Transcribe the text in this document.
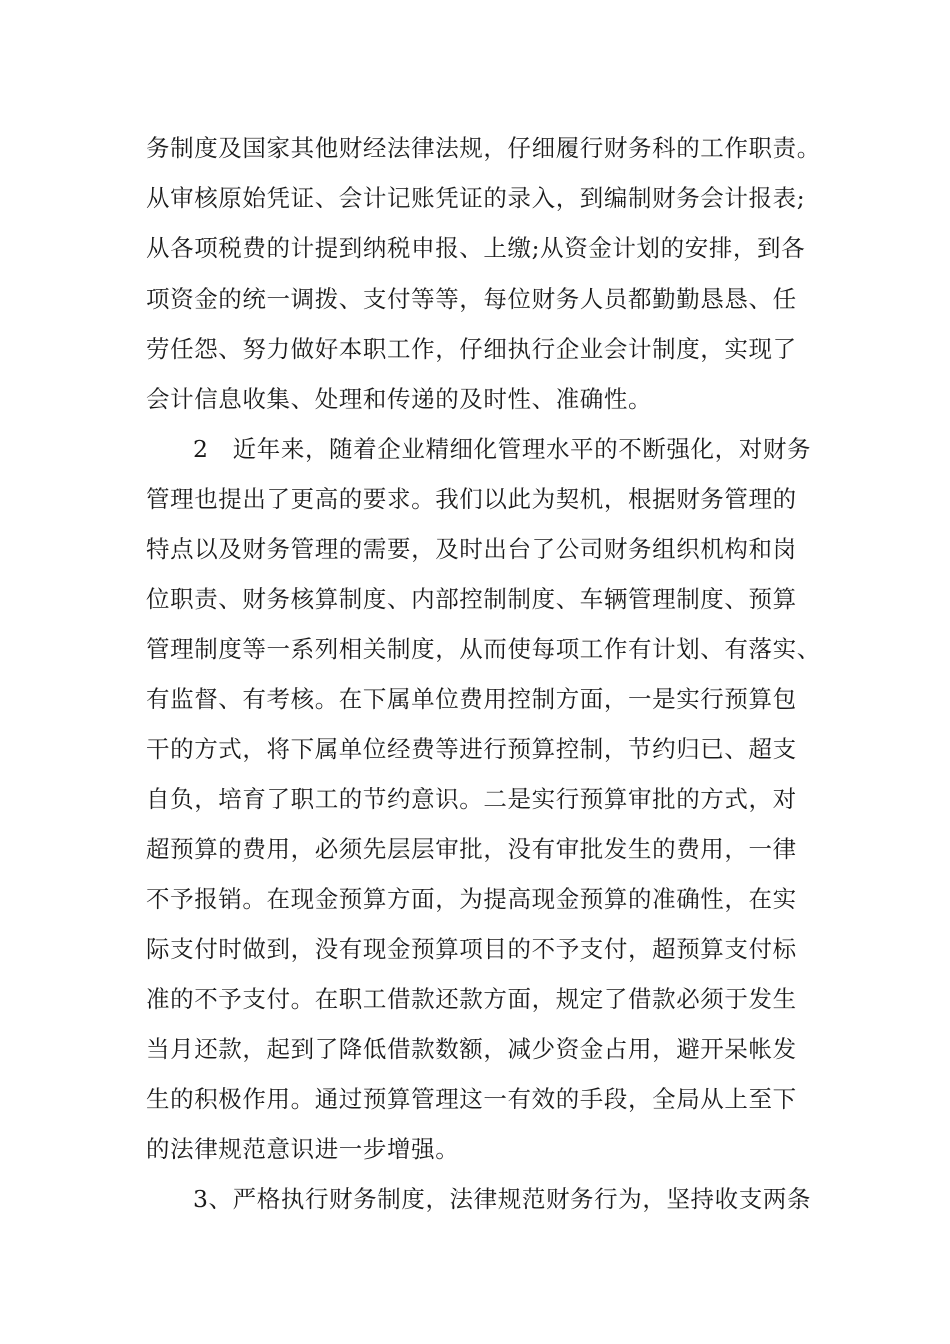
务制度及国家其他财经法律法规，仔细履行财务科的工作职责。
从审核原始凭证、会计记账凭证的录入，到编制财务会计报表;
从各项税费的计提到纳税申报、上缴;从资金计划的安排，到各
项资金的统一调拨、支付等等，每位财务人员都勤勤恳恳、任
劳任怨、努力做好本职工作，仔细执行企业会计制度，实现了
会计信息收集、处理和传递的及时性、准确性。
2　近年来，随着企业精细化管理水平的不断强化，对财务
管理也提出了更高的要求。我们以此为契机，根据财务管理的
特点以及财务管理的需要，及时出台了公司财务组织机构和岗
位职责、财务核算制度、内部控制制度、车辆管理制度、预算
管理制度等一系列相关制度，从而使每项工作有计划、有落实、
有监督、有考核。在下属单位费用控制方面，一是实行预算包
干的方式，将下属单位经费等进行预算控制，节约归已、超支
自负，培育了职工的节约意识。二是实行预算审批的方式，对
超预算的费用，必须先层层审批，没有审批发生的费用，一律
不予报销。在现金预算方面，为提高现金预算的准确性，在实
际支付时做到，没有现金预算项目的不予支付，超预算支付标
准的不予支付。在职工借款还款方面，规定了借款必须于发生
当月还款，起到了降低借款数额，减少资金占用，避开呆帐发
生的积极作用。通过预算管理这一有效的手段，全局从上至下
的法律规范意识进一步增强。
3、严格执行财务制度，法律规范财务行为，坚持收支两条
